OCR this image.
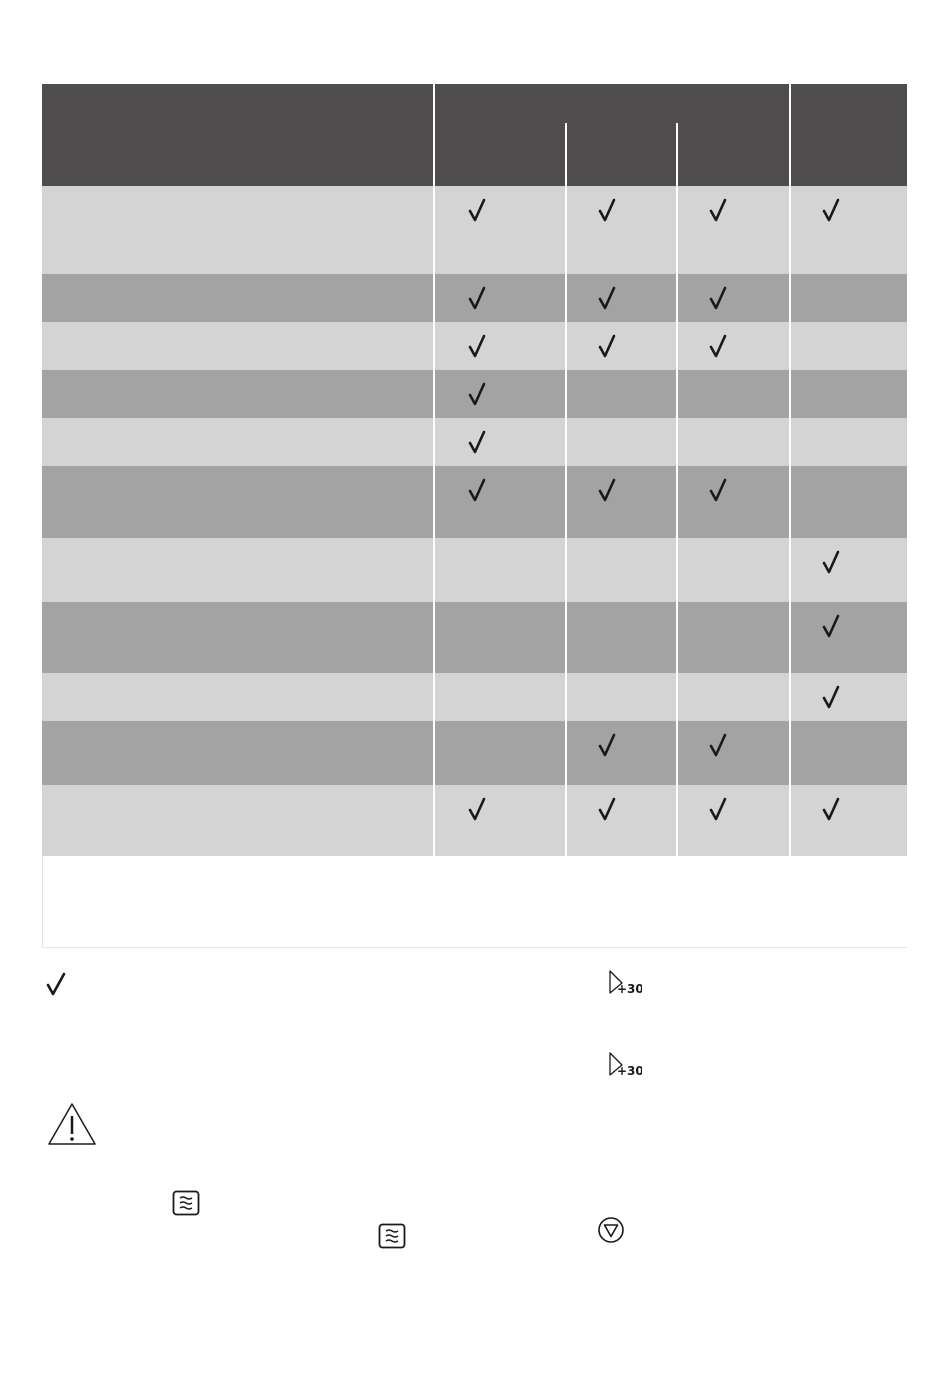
+30
+30
